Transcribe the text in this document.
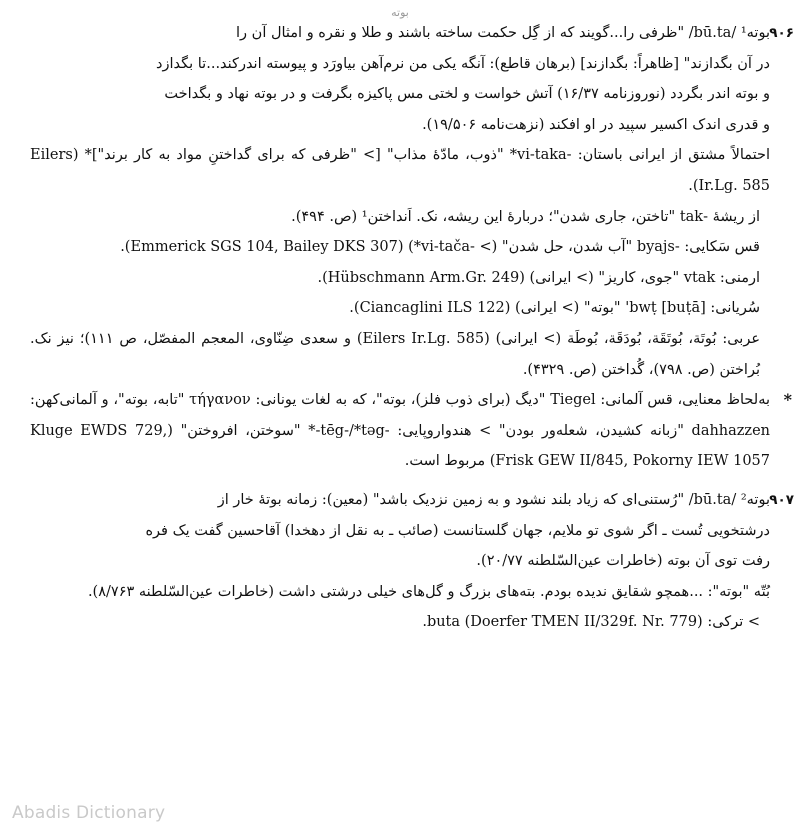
بوته
۹۰۶
بوته¹ /bū.ta/ "ظرفی را...گویند که از گِل حکمت ساخته باشند و طلا و نقره و امثال آن را
در آن بگدازند" [ظاهراً: بگدازند] (برهان قاطع): آنگه یکی من نرم‌آهن بیاورَد و پیوسته اندرکند...تا بگدازد
و بوته اندر بگردد (نوروزنامه ۱۶/۳۷) آتش خواست و لختی مس پاکیزه بگرفت و در بوته نهاد و بگداخت
و قدری اندک اکسیر سپید در او افکند (نزهت‌نامه ۱۹/۵۰۶).
احتمالاً مشتق از ایرانی باستان: -vi-taka* "ذوب، مادّهٔ مذاب" [> "ظرفی که برای گداختنِ مواد به کار برند"]* (Eilers Ir.Lg. 585).
از ریشهٔ -tak "تاختن، جاری شدن"؛ دربارهٔ این ریشه، نک. اَنداختن¹ (ص. ۴۹۴).
قس سَکایی: -byajs "آب شدن، حل شدن" (> -vi-tača*) (Emmerick SGS 104, Bailey DKS 307).
ارمنی: vtak "جوی، کاریز" (> ایرانی) (Hübschmann Arm.Gr. 249).
سُریانی: [buṭā] bwṭ' "بوته" (> ایرانی) (Ciancaglini ILS 122).
عربی: بُوتَة، بُوتَقَة، بُودَقَة، بُوطَة (> ایرانی) (Eilers Ir.Lg. 585) و سعدی ضِنّاوی، المعجم المفصّل، ص ۱۱۱)؛ نیز نک. بُراختن (ص. ۷۹۸)، گُداختن (ص. ۴۳۲۹).
*
به‌لحاظ معنایی، قس آلمانی: Tiegel "دیگ (برای ذوب فلز)، بوته"، که به لغات یونانی: τήγανον "تابه، بوته"، و آلمانی‌کهن: dahhazzen "زبانه کشیدن، شعله‌ور بودن" > هندواروپایی: -tēg-/*təg-* "سوختن، افروختن" (Kluge EWDS 729, Frisk GEW II/845, Pokorny IEW 1057) مربوط است.
۹۰۷
بوته² /bū.ta/ "رُستنی‌ای که زیاد بلند نشود و به زمین نزدیک باشد" (معین): زمانه بوتهٔ خار از
درشتخویی تُست ـ اگر شوی تو ملایم، جهان گلستانست (صائب ـ به نقل از دهخدا) آقاحسین گفت یک فره
رفت توی آن بوته (خاطرات عین‌السّلطنه ۲۰/۷۷).
بُتّه "بوته": ...همچو شقایق ندیده بودم. بته‌های بزرگ و گل‌های خیلی درشتی داشت (خاطرات عین‌السّلطنه ۸/۷۶۳).
> ترکی: buta (Doerfer TMEN II/329f. Nr. 779).
Abadis Dictionary
